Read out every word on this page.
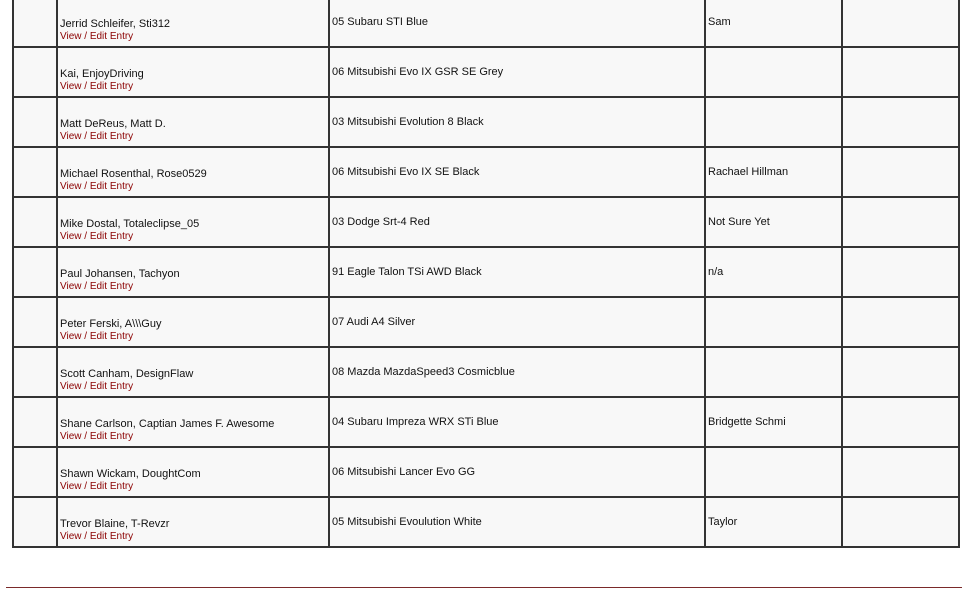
	Jerrid Schleifer, Sti312
View / Edit Entry	05 Subaru STI Blue	Sam	

	Kai, EnjoyDriving
View / Edit Entry	06 Mitsubishi Evo IX GSR SE Grey		

	Matt DeReus, Matt D.
View / Edit Entry	03 Mitsubishi Evolution 8 Black		

	Michael Rosenthal, Rose0529
View / Edit Entry	06 Mitsubishi Evo IX SE Black	Rachael Hillman	

	Mike Dostal, Totaleclipse_05
View / Edit Entry	03 Dodge Srt-4 Red	Not Sure Yet	

	Paul Johansen, Tachyon
View / Edit Entry	91 Eagle Talon TSi AWD Black	n/a	

	Peter Ferski, A\\\Guy
View / Edit Entry	07 Audi A4 Silver		

	Scott Canham, DesignFlaw
View / Edit Entry	08 Mazda MazdaSpeed3 Cosmicblue		

	Shane Carlson, Captian James F. Awesome
View / Edit Entry	04 Subaru Impreza WRX STi Blue	Bridgette Schmi	

	Shawn Wickam, DoughtCom
View / Edit Entry	06 Mitsubishi Lancer Evo GG		

	Trevor Blaine, T-Revzr
View / Edit Entry	05 Mitsubishi Evoulution White	Taylor	
